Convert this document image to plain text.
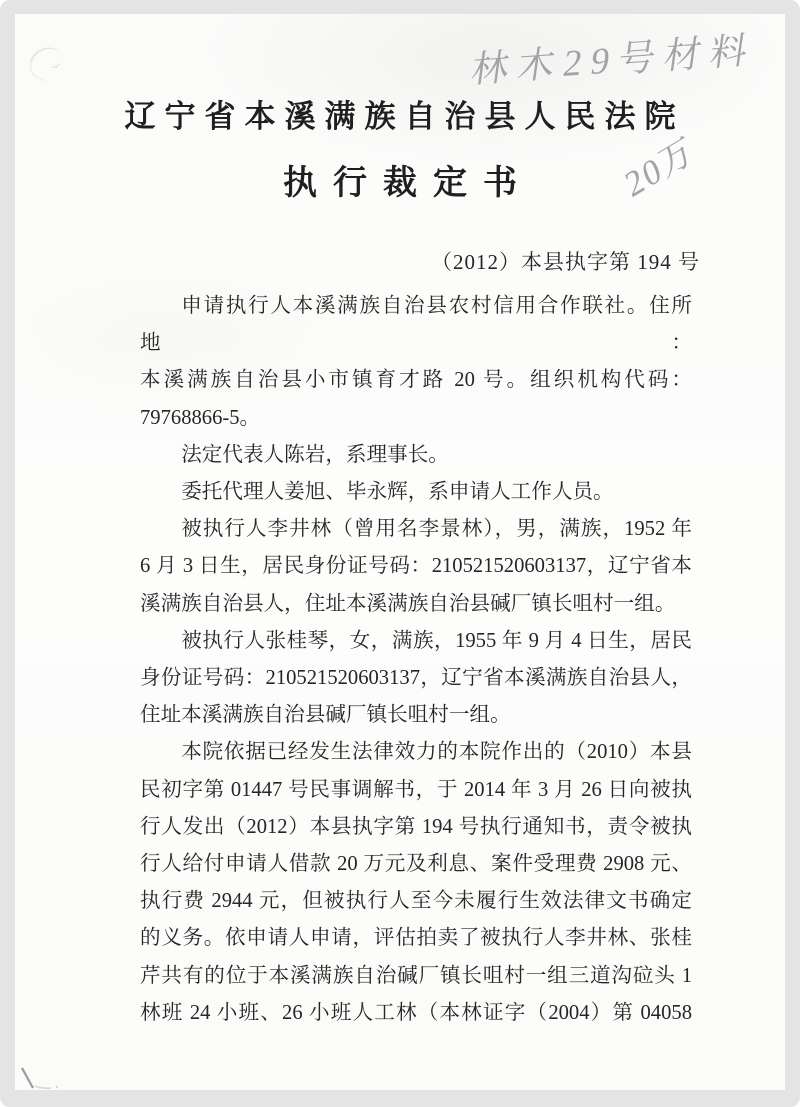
林木29号材料
辽宁省本溪满族自治县人民法院
执行裁定书	20万
（2012）本县执字第 194 号
申请执行人本溪满族自治县农村信用合作联社。住所地：
本溪满族自治县小市镇育才路 20 号。组织机构代码：
79768866-5。
法定代表人陈岩，系理事长。
委托代理人姜旭、毕永辉，系申请人工作人员。
被执行人李井林（曾用名李景林），男，满族，1952 年
6 月 3 日生，居民身份证号码：210521520603137，辽宁省本
溪满族自治县人，住址本溪满族自治县碱厂镇长咀村一组。
被执行人张桂琴，女，满族，1955 年 9 月 4 日生，居民
身份证号码：210521520603137，辽宁省本溪满族自治县人，
住址本溪满族自治县碱厂镇长咀村一组。
本院依据已经发生法律效力的本院作出的（2010）本县
民初字第 01447 号民事调解书，于 2014 年 3 月 26 日向被执
行人发出（2012）本县执字第 194 号执行通知书，责令被执
行人给付申请人借款 20 万元及利息、案件受理费 2908 元、
执行费 2944 元，但被执行人至今未履行生效法律文书确定
的义务。依申请人申请，评估拍卖了被执行人李井林、张桂
芹共有的位于本溪满族自治碱厂镇长咀村一组三道沟砬头 1
林班 24 小班、26 小班人工林（本林证字（2004）第 04058
